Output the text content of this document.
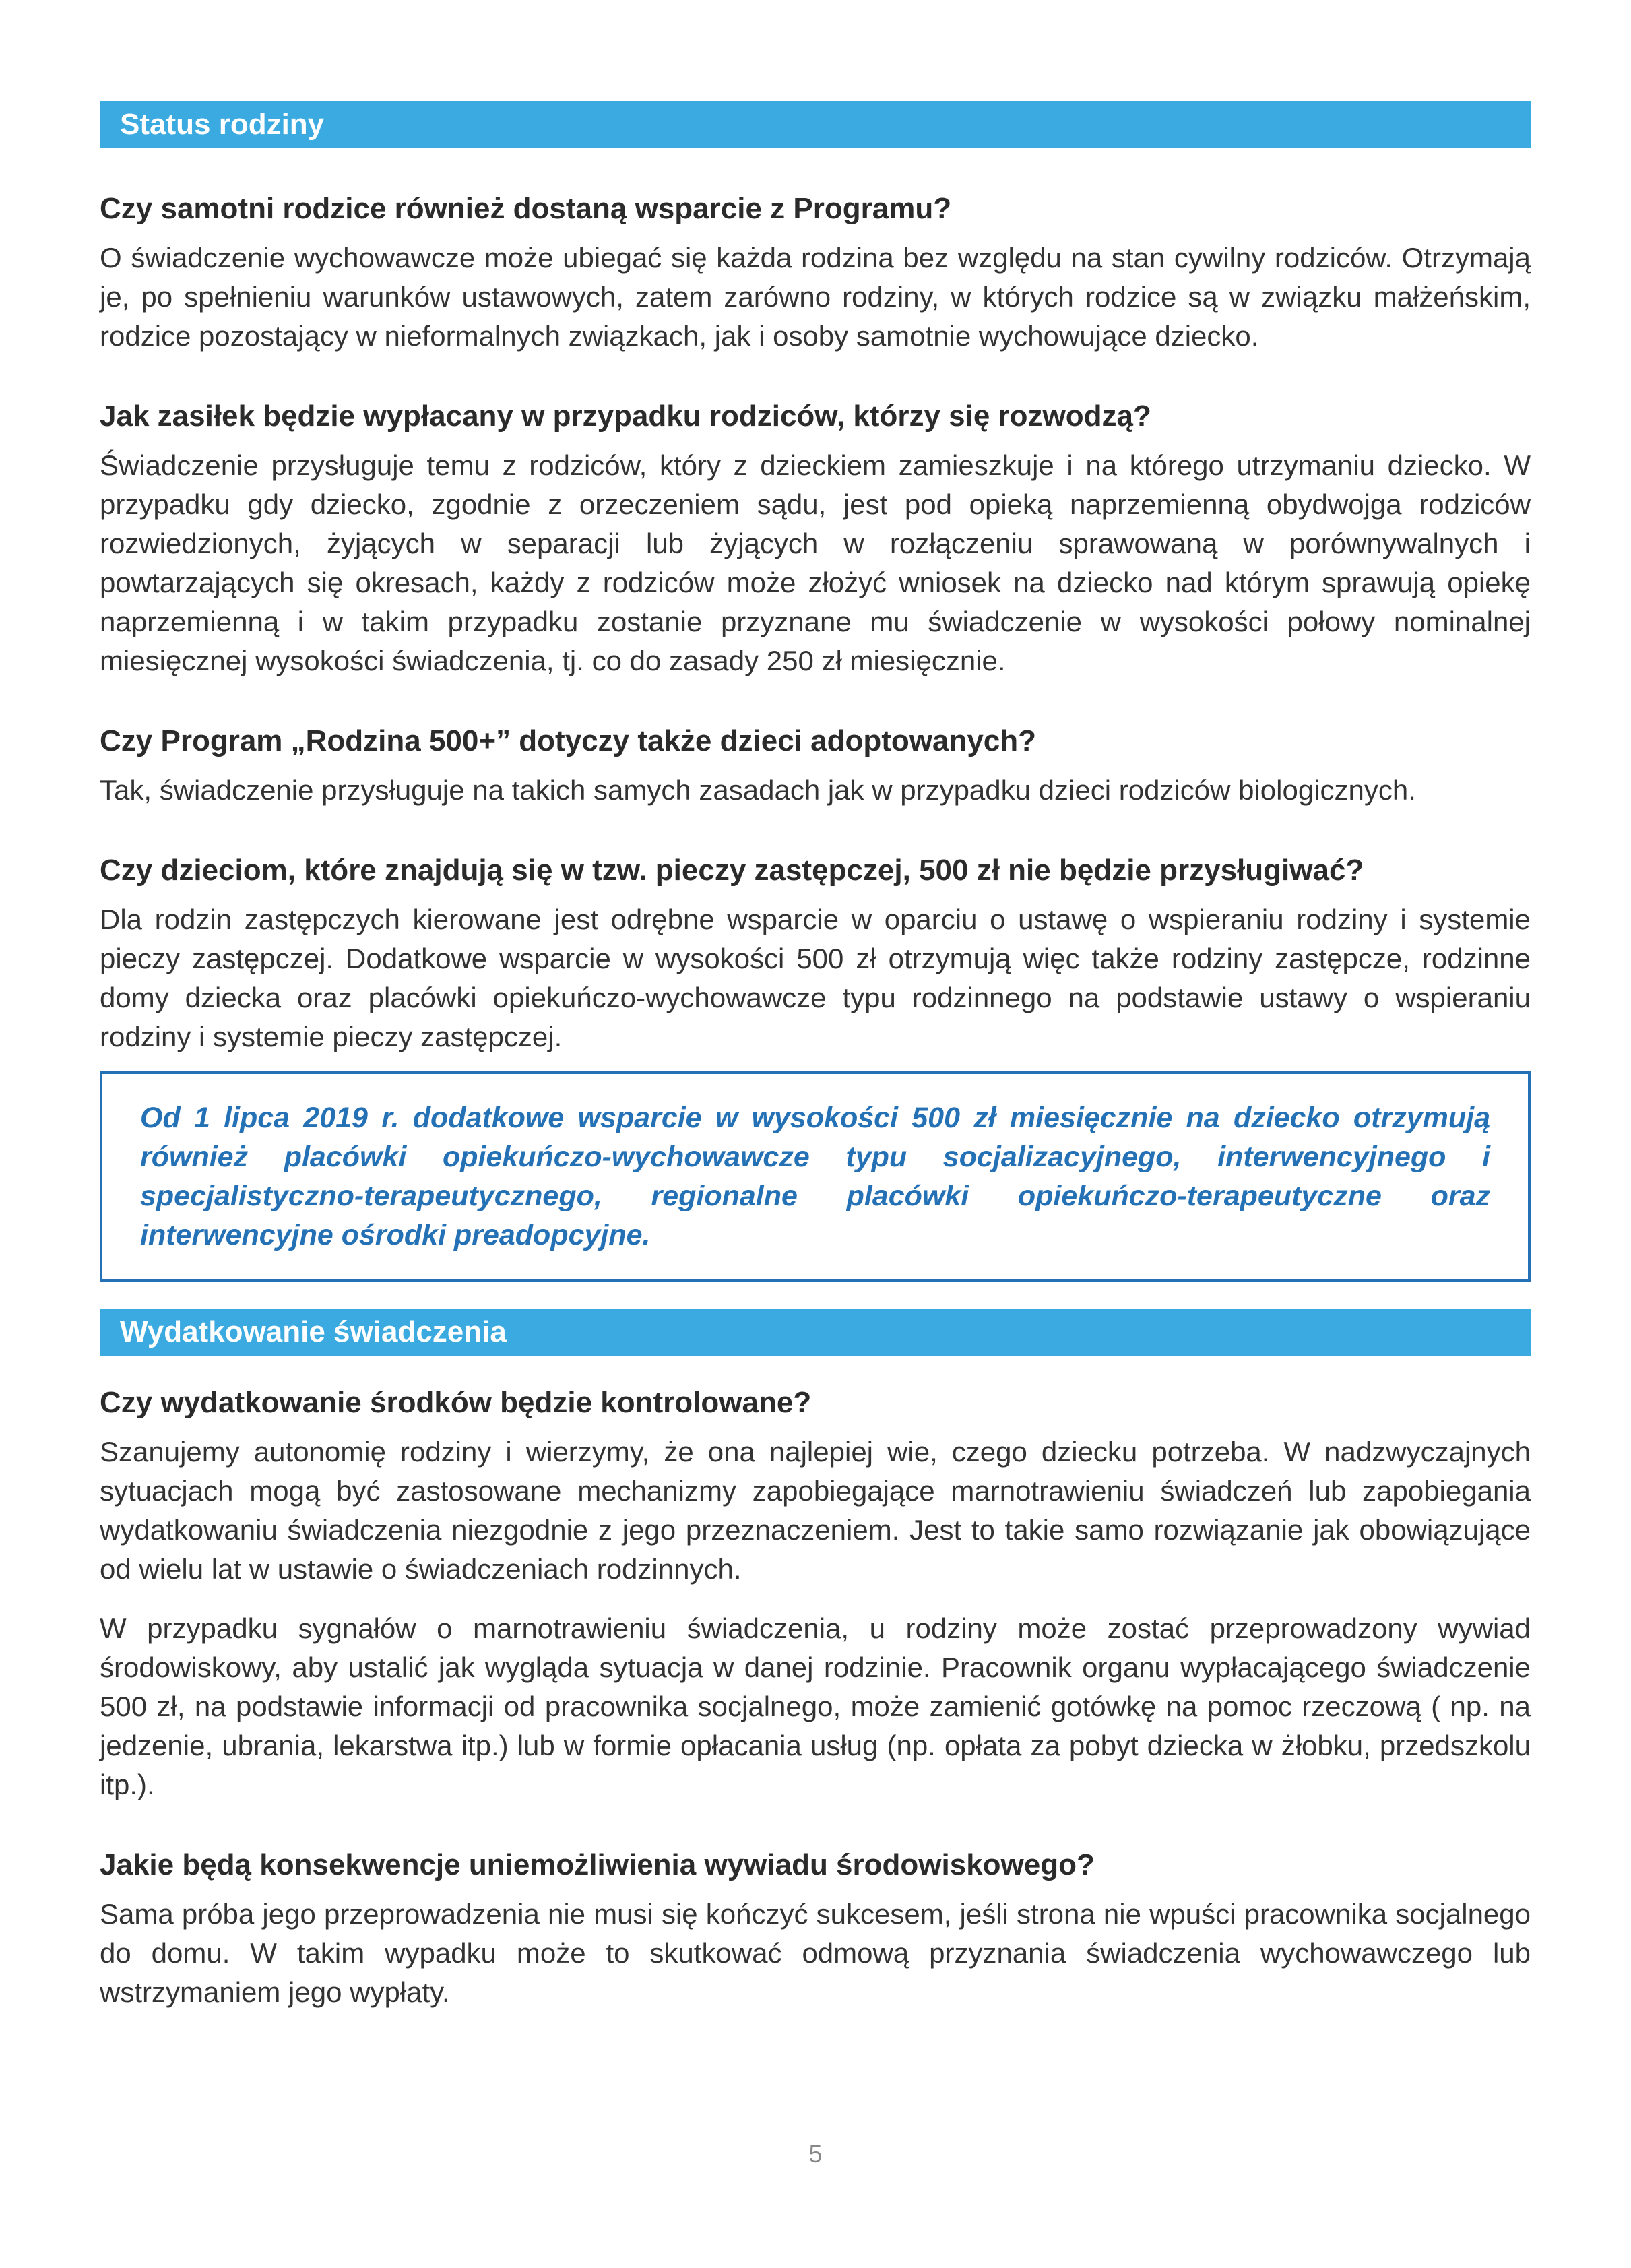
Status rodziny
Czy samotni rodzice również dostaną wsparcie z Programu?
O świadczenie wychowawcze może ubiegać się każda rodzina bez względu na stan cywilny rodziców. Otrzymają je, po spełnieniu warunków ustawowych, zatem zarówno rodziny, w których rodzice są w związku małżeńskim, rodzice pozostający w nieformalnych związkach, jak i osoby samotnie wychowujące dziecko.
Jak zasiłek będzie wypłacany w przypadku rodziców, którzy się rozwodzą?
Świadczenie przysługuje temu z rodziców, który z dzieckiem zamieszkuje i na którego utrzymaniu dziecko. W przypadku gdy dziecko, zgodnie z orzeczeniem sądu, jest pod opieką naprzemienną obydwojga rodziców rozwiedzionych, żyjących w separacji lub żyjących w rozłączeniu sprawowaną w porównywalnych i powtarzających się okresach, każdy z rodziców może złożyć wniosek na dziecko nad którym sprawują opiekę naprzemienną i w takim przypadku zostanie przyznane mu świadczenie w wysokości połowy nominalnej miesięcznej wysokości świadczenia, tj. co do zasady 250 zł miesięcznie.
Czy Program „Rodzina 500+” dotyczy także dzieci adoptowanych?
Tak, świadczenie przysługuje na takich samych zasadach jak w przypadku dzieci rodziców biologicznych.
Czy dzieciom, które znajdują się w tzw. pieczy zastępczej, 500 zł nie będzie przysługiwać?
Dla rodzin zastępczych kierowane jest odrębne wsparcie w oparciu o ustawę o wspieraniu rodziny i systemie pieczy zastępczej. Dodatkowe wsparcie w wysokości 500 zł otrzymują więc także rodziny zastępcze, rodzinne domy dziecka oraz placówki opiekuńczo-wychowawcze typu rodzinnego na podstawie ustawy o wspieraniu rodziny i systemie pieczy zastępczej.
Od 1 lipca 2019 r. dodatkowe wsparcie w wysokości 500 zł miesięcznie na dziecko otrzymują również placówki opiekuńczo-wychowawcze typu socjalizacyjnego, interwencyjnego i specjalistyczno-terapeutycznego, regionalne placówki opiekuńczo-terapeutyczne oraz interwencyjne ośrodki preadopcyjne.
Wydatkowanie świadczenia
Czy wydatkowanie środków będzie kontrolowane?
Szanujemy autonomię rodziny i wierzymy, że ona najlepiej wie, czego dziecku potrzeba. W nadzwyczajnych sytuacjach mogą być zastosowane mechanizmy zapobiegające marnotrawieniu świadczeń lub zapobiegania wydatkowaniu świadczenia niezgodnie z jego przeznaczeniem. Jest to takie samo rozwiązanie jak obowiązujące od wielu lat w ustawie o świadczeniach rodzinnych.
W przypadku sygnałów o marnotrawieniu świadczenia, u rodziny może zostać przeprowadzony wywiad środowiskowy, aby ustalić jak wygląda sytuacja w danej rodzinie. Pracownik organu wypłacającego świadczenie 500 zł, na podstawie informacji od pracownika socjalnego, może zamienić gotówkę na pomoc rzeczową ( np. na jedzenie, ubrania, lekarstwa itp.) lub w formie opłacania usług (np. opłata za pobyt dziecka w żłobku, przedszkolu itp.).
Jakie będą konsekwencje uniemożliwienia wywiadu środowiskowego?
Sama próba jego przeprowadzenia nie musi się kończyć sukcesem, jeśli strona nie wpuści pracownika socjalnego do domu. W takim wypadku może to skutkować odmową przyznania świadczenia wychowawczego lub wstrzymaniem jego wypłaty.
5
